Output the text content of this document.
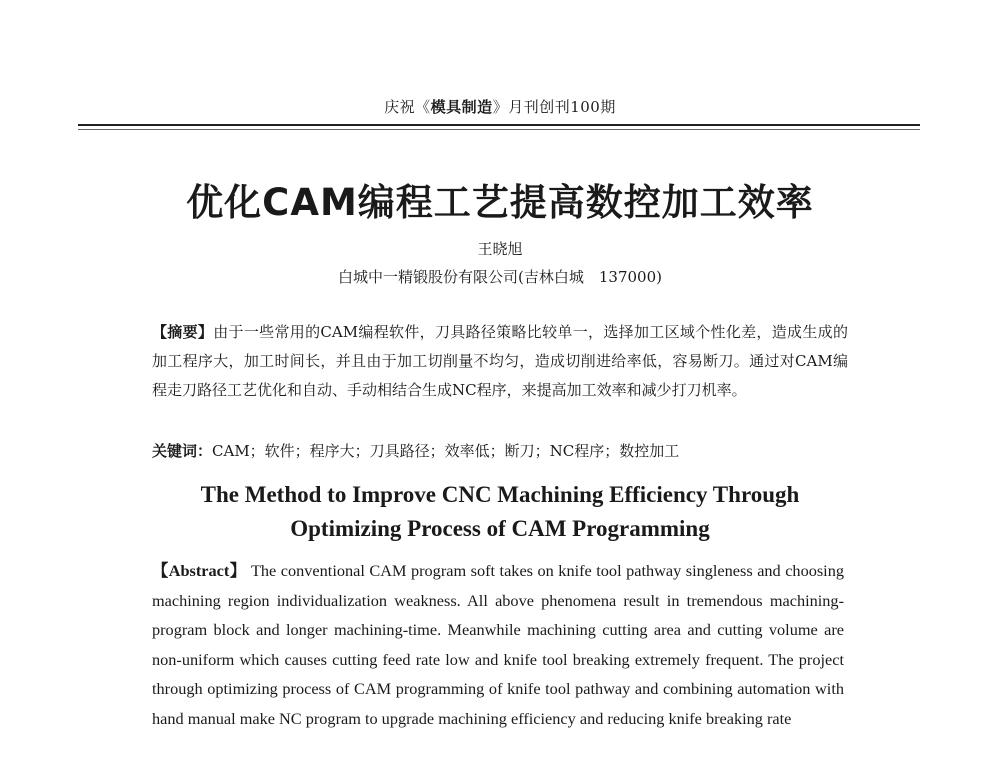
庆祝《模具制造》月刊创刊100期
优化CAM编程工艺提高数控加工效率
王晓旭
白城中一精锻股份有限公司(吉林白城　137000)
【摘要】由于一些常用的CAM编程软件，刀具路径策略比较单一，选择加工区域个性化差，造成生成的加工程序大，加工时间长，并且由于加工切削量不均匀，造成切削进给率低，容易断刀。通过对CAM编程走刀路径工艺优化和自动、手动相结合生成NC程序，来提高加工效率和减少打刀机率。
关键词：CAM；软件；程序大；刀具路径；效率低；断刀；NC程序；数控加工
The Method to Improve CNC Machining Efficiency Through
Optimizing Process of CAM Programming
【Abstract】 The conventional CAM program soft takes on knife tool pathway singleness and choosing machining region individualization weakness. All above phenomena result in tremendous machining-program block and longer machining-time. Meanwhile machining cutting area and cutting volume are non-uniform which causes cutting feed rate low and knife tool breaking extremely frequent. The project through optimizing process of CAM programming of knife tool pathway and combining automation with hand manual make NC program to upgrade machining efficiency and reducing knife breaking rate
